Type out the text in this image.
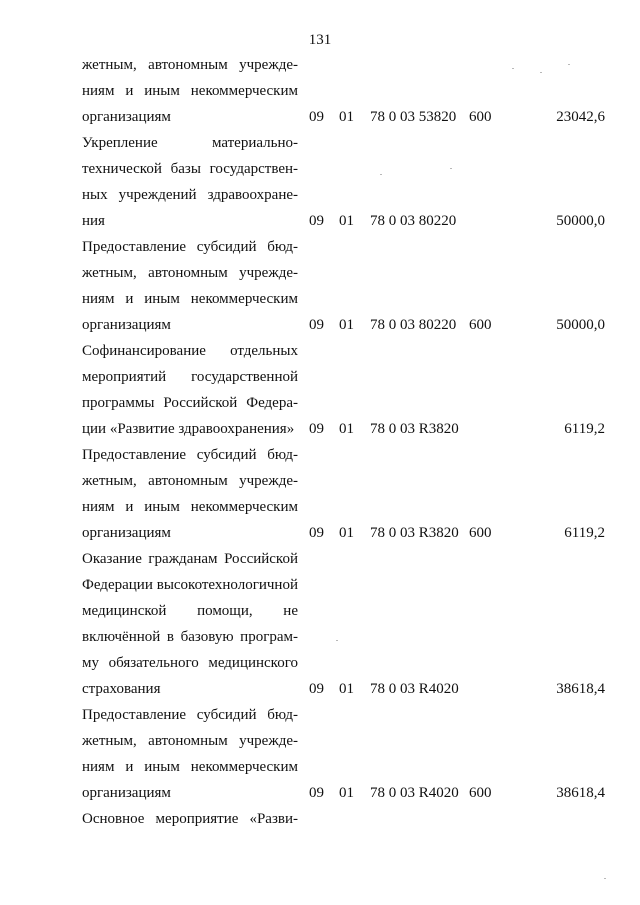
131
жетным, автономным учреждениям и иным некоммерческим организациям	09 01 78 0 03 53820 600	23042,6
Укрепление материально-технической базы государственных учреждений здравоохранения	09 01 78 0 03 80220	50000,0
Предоставление субсидий бюджетным, автономным учреждениям и иным некоммерческим организациям	09 01 78 0 03 80220 600	50000,0
Софинансирование отдельных мероприятий государственной программы Российской Федерации «Развитие здравоохранения» 09 01 78 0 03 R3820	6119,2
Предоставление субсидий бюджетным, автономным учреждениям и иным некоммерческим организациям	09 01 78 0 03 R3820 600	6119,2
Оказание гражданам Российской Федерации высокотехнологичной медицинской помощи, не включённой в базовую программу обязательного медицинского страхования	09 01 78 0 03 R4020	38618,4
Предоставление субсидий бюджетным, автономным учреждениям и иным некоммерческим организациям	09 01 78 0 03 R4020 600	38618,4
Основное мероприятие «Разви-
